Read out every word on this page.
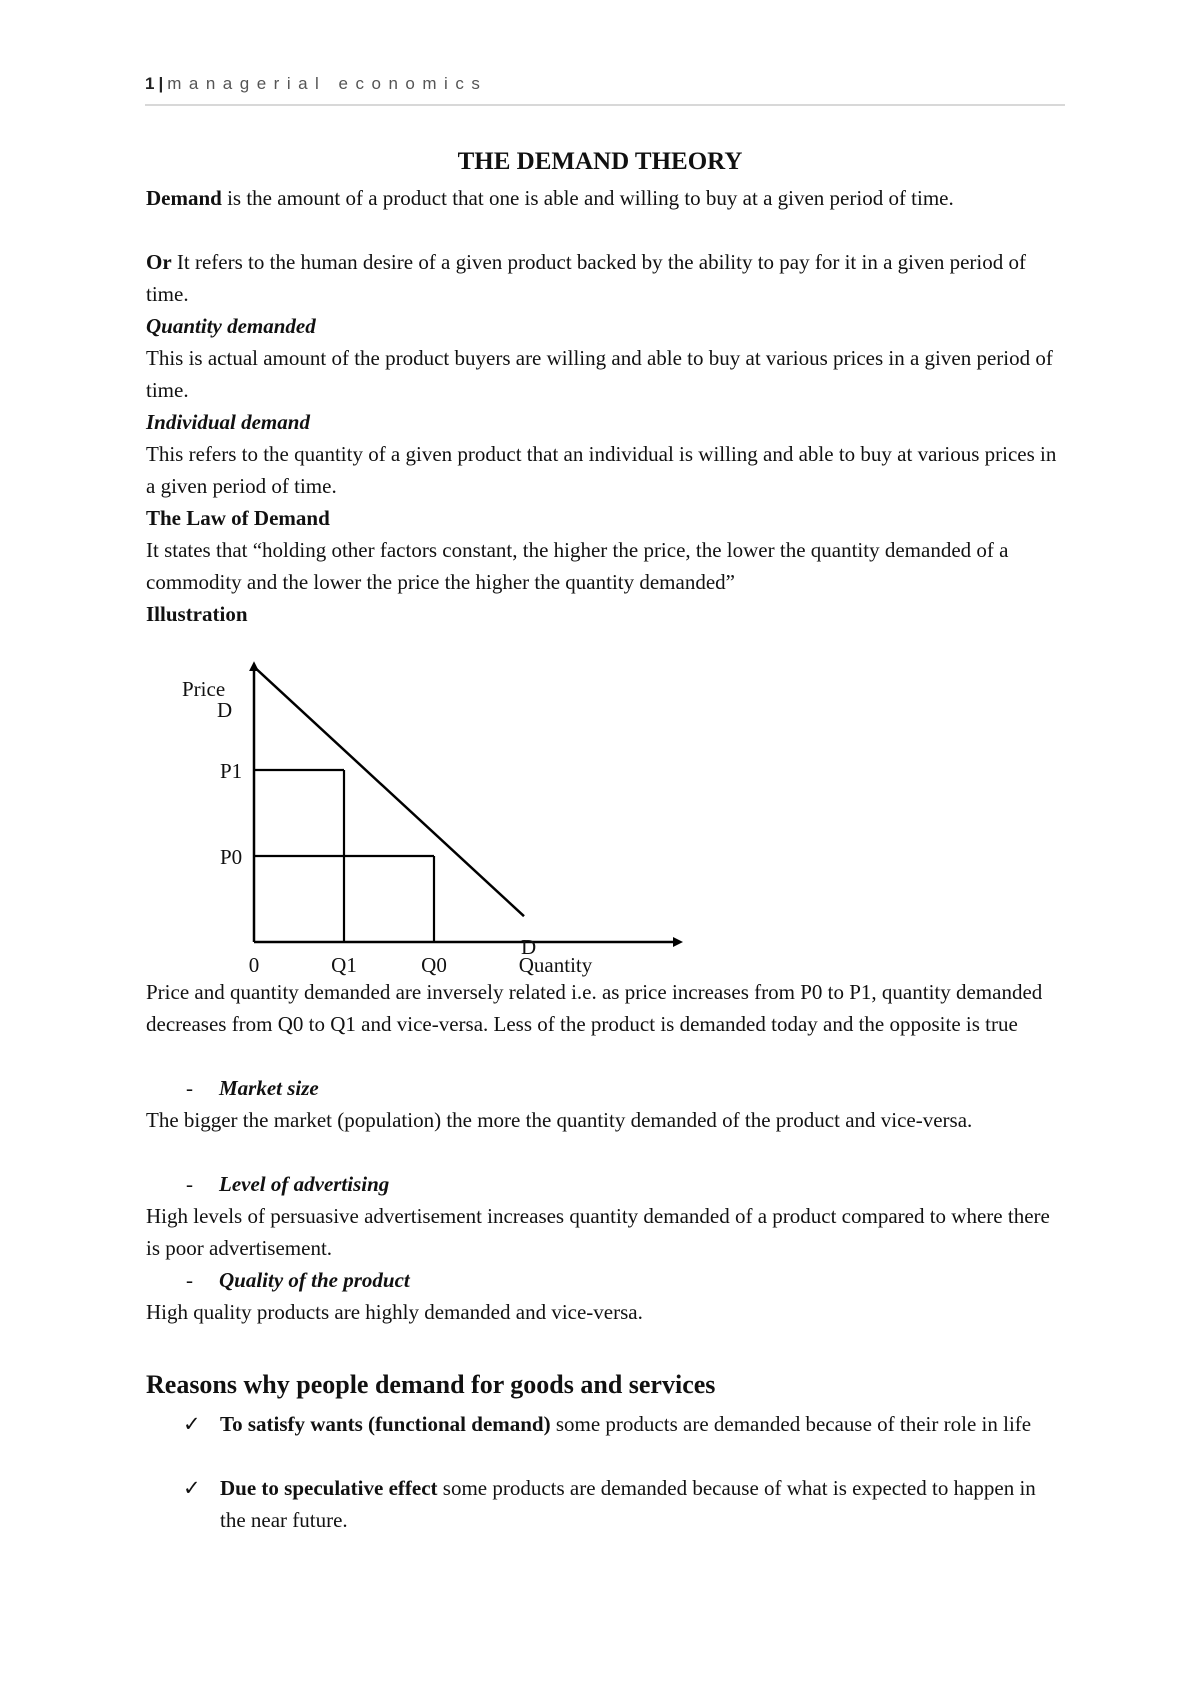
1 | managerial economics
THE DEMAND THEORY
Demand is the amount of a product that one is able and willing to buy at a given period of time.
Or It refers to the human desire of a given product backed by the ability to pay for it in a given period of time.
Quantity demanded
This is actual amount of the product buyers are willing and able to buy at various prices in a given period of time.
Individual demand
This refers to the quantity of a given product that an individual is willing and able to buy at various prices in a given period of time.
The Law of Demand
It states that “holding other factors constant, the higher the price, the lower the quantity demanded of a commodity and the lower the price the higher the quantity demanded”
Illustration
Price
D
D
P1
P0
0	Q1	Q0	Quantity
Price and quantity demanded are inversely related i.e. as price increases from P0 to P1, quantity demanded decreases from Q0 to Q1 and vice-versa. Less of the product is demanded today and the opposite is true
- Market size
The bigger the market (population) the more the quantity demanded of the product and vice-versa.
- Level of advertising
High levels of persuasive advertisement increases quantity demanded of a product compared to where there is poor advertisement.
- Quality of the product
High quality products are highly demanded and vice-versa.
Reasons why people demand for goods and services
✓ To satisfy wants (functional demand) some products are demanded because of their role in life
✓ Due to speculative effect some products are demanded because of what is expected to happen in the near future.
